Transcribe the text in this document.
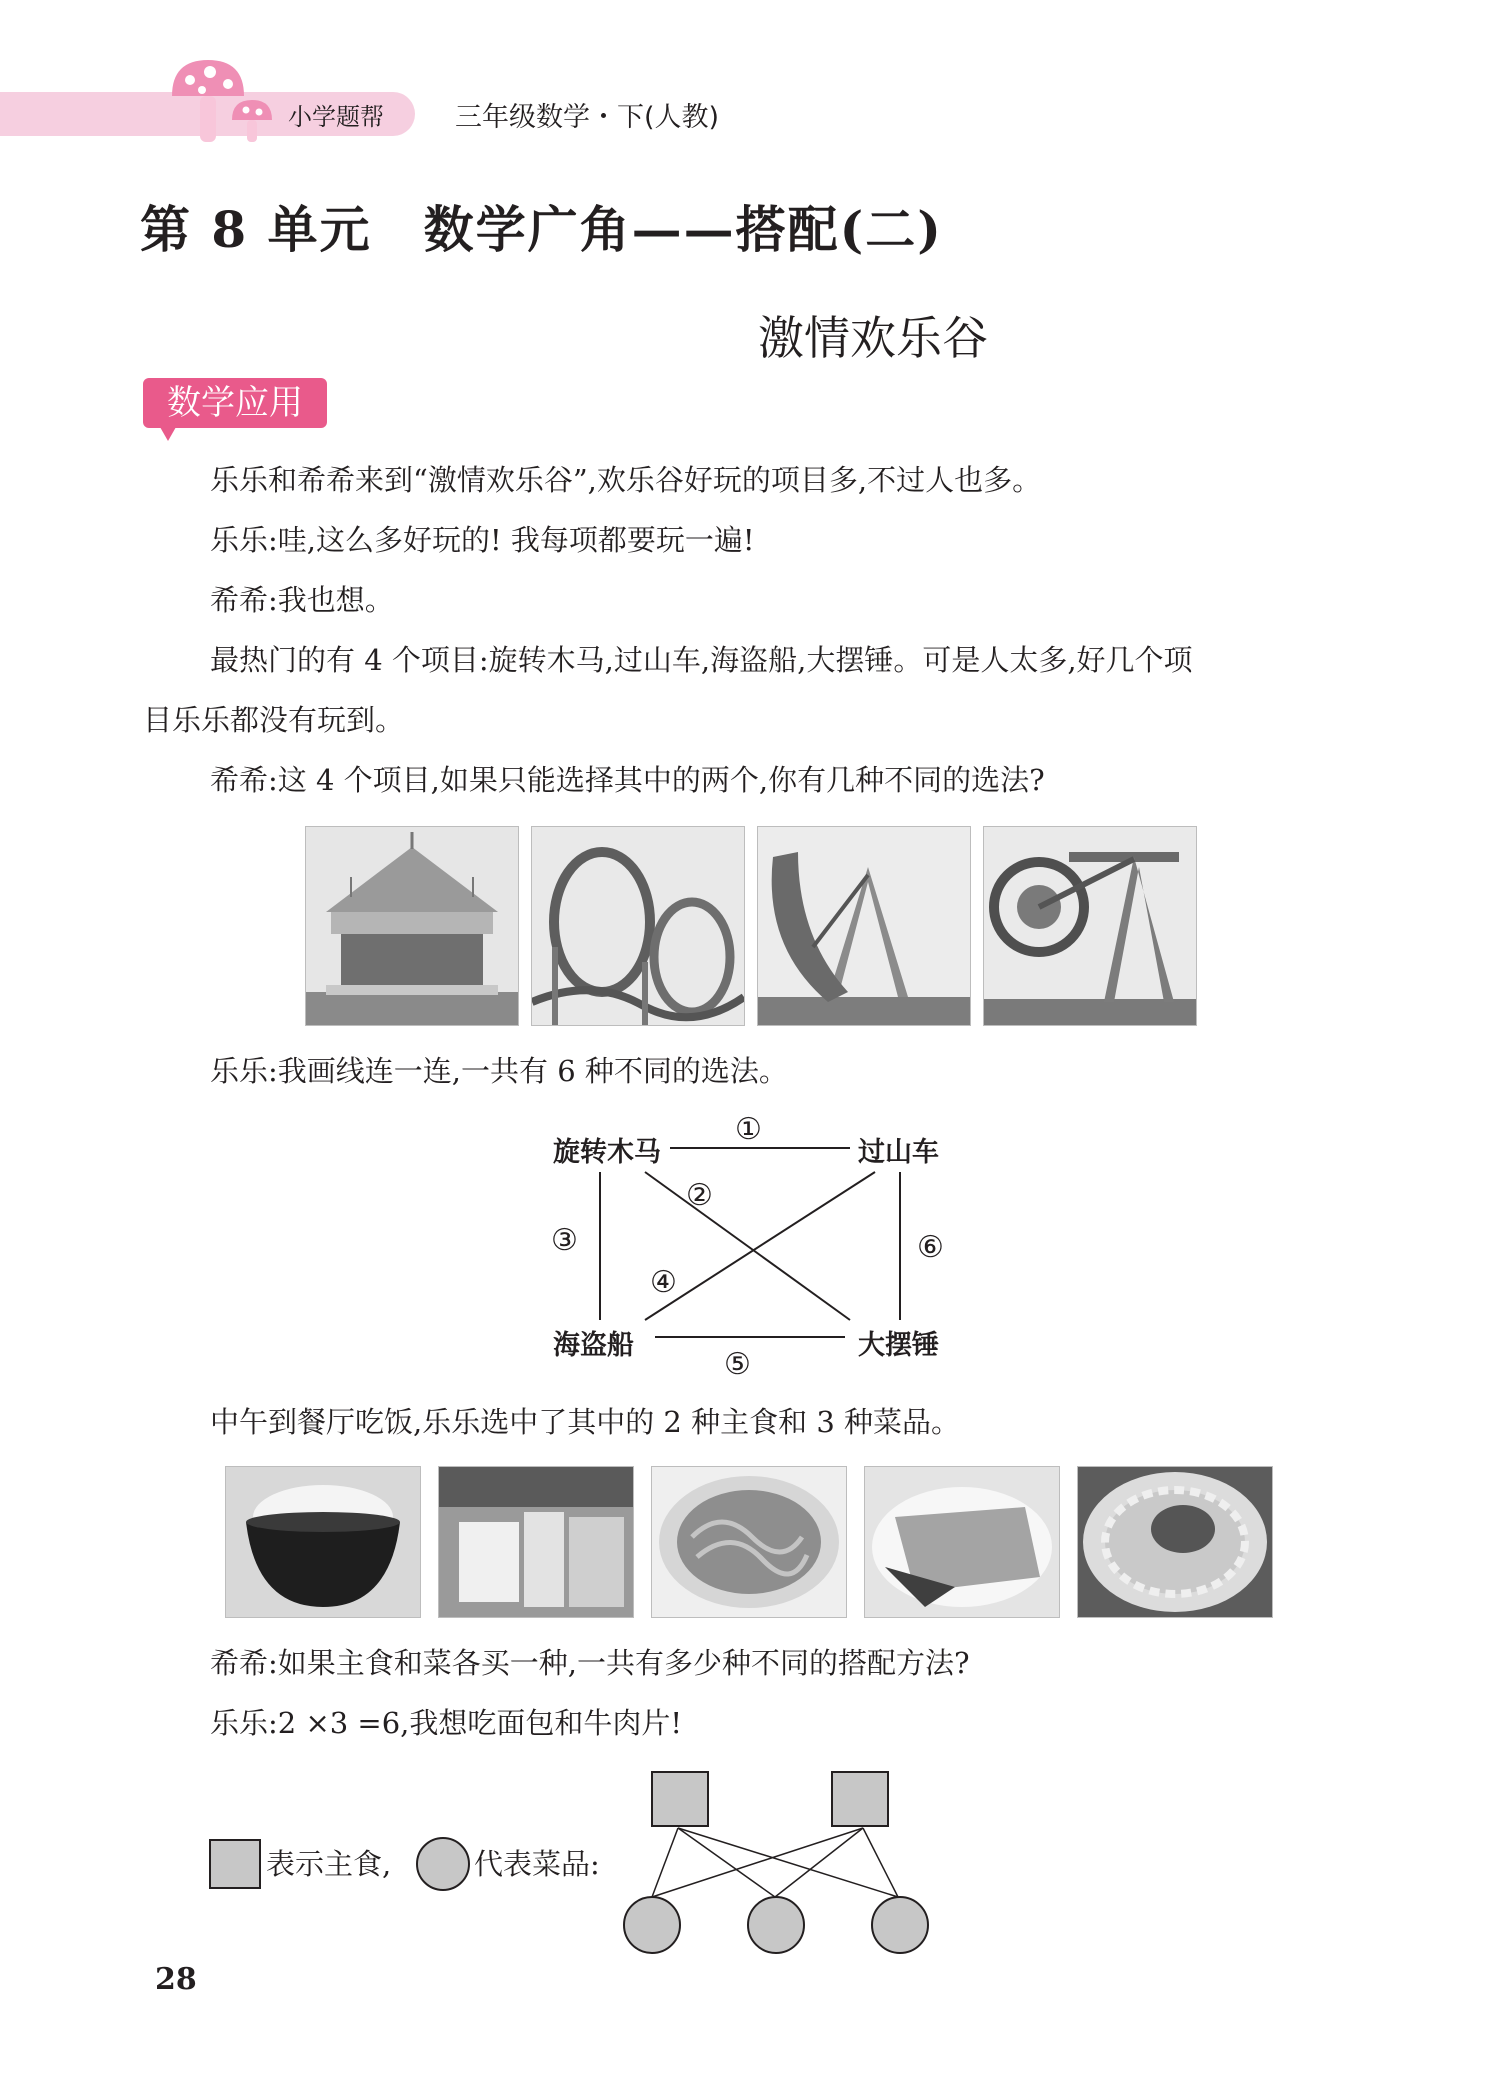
小学题帮	三年级数学・下(人教)
第 8 单元　数学广角——搭配(二)
激情欢乐谷
数学应用
乐乐和希希来到“激情欢乐谷”,欢乐谷好玩的项目多,不过人也多。
乐乐:哇,这么多好玩的! 我每项都要玩一遍!
希希:我也想。
最热门的有 4 个项目:旋转木马,过山车,海盗船,大摆锤。可是人太多,好几个项
目乐乐都没有玩到。
希希:这 4 个项目,如果只能选择其中的两个,你有几种不同的选法?
乐乐:我画线连一连,一共有 6 种不同的选法。
旋转木马	过山车
海盗船	大摆锤
①
②
③
④
⑤
⑥
中午到餐厅吃饭,乐乐选中了其中的 2 种主食和 3 种菜品。
希希:如果主食和菜各买一种,一共有多少种不同的搭配方法?
乐乐:2 ×3 =6,我想吃面包和牛肉片!
表示主食,	代表菜品:
28
